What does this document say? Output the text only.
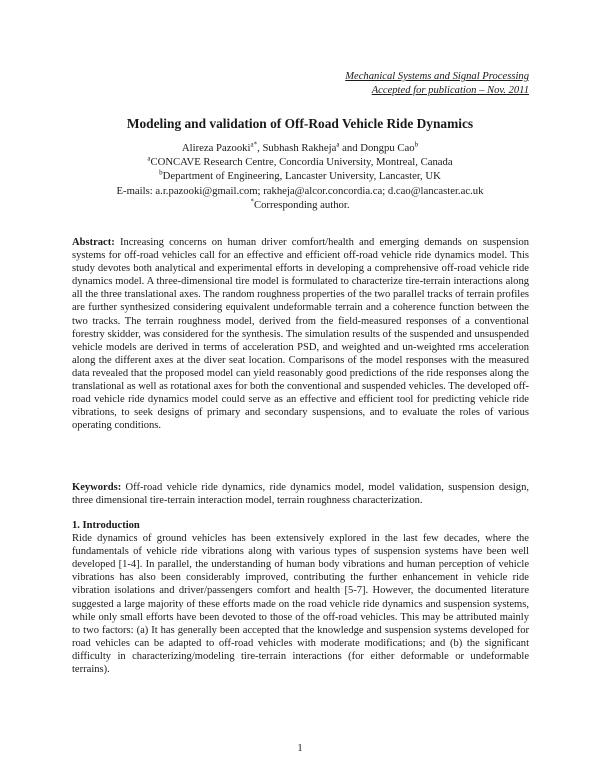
Mechanical Systems and Signal Processing
Accepted for publication – Nov. 2011
Modeling and validation of Off-Road Vehicle Ride Dynamics
Alireza Pazooki$^{a*}$, Subhash Rakheja$^a$ and Dongpu Cao$^b$
$^a$CONCAVE Research Centre, Concordia University, Montreal, Canada
$^b$Department of Engineering, Lancaster University, Lancaster, UK
E-mails: a.r.pazooki@gmail.com; rakheja@alcor.concordia.ca; d.cao@lancaster.ac.uk
*Corresponding author.
Abstract: Increasing concerns on human driver comfort/health and emerging demands on suspension systems for off-road vehicles call for an effective and efficient off-road vehicle ride dynamics model. This study devotes both analytical and experimental efforts in developing a comprehensive off-road vehicle ride dynamics model. A three-dimensional tire model is formulated to characterize tire-terrain interactions along all the three translational axes. The random roughness properties of the two parallel tracks of terrain profiles are further synthesized considering equivalent undeformable terrain and a coherence function between the two tracks. The terrain roughness model, derived from the field-measured responses of a conventional forestry skidder, was considered for the synthesis. The simulation results of the suspended and unsuspended vehicle models are derived in terms of acceleration PSD, and weighted and un-weighted rms acceleration along the different axes at the diver seat location. Comparisons of the model responses with the measured data revealed that the proposed model can yield reasonably good predictions of the ride responses along the translational as well as rotational axes for both the conventional and suspended vehicles. The developed off-road vehicle ride dynamics model could serve as an effective and efficient tool for predicting vehicle ride vibrations, to seek designs of primary and secondary suspensions, and to evaluate the roles of various operating conditions.
Keywords: Off-road vehicle ride dynamics, ride dynamics model, model validation, suspension design, three dimensional tire-terrain interaction model, terrain roughness characterization.
1. Introduction
Ride dynamics of ground vehicles has been extensively explored in the last few decades, where the fundamentals of vehicle ride vibrations along with various types of suspension systems have been well developed [1-4]. In parallel, the understanding of human body vibrations and human perception of vehicle vibrations has also been considerably improved, contributing the further enhancement in vehicle ride vibration isolations and driver/passengers comfort and health [5-7]. However, the documented literature suggested a large majority of these efforts made on the road vehicle ride dynamics and suspension systems, while only small efforts have been devoted to those of the off-road vehicles. This may be attributed mainly to two factors: (a) It has generally been accepted that the knowledge and suspension systems developed for road vehicles can be adapted to off-road vehicles with moderate modifications; and (b) the significant difficulty in characterizing/modeling tire-terrain interactions (for either deformable or undeformable terrains).
1
